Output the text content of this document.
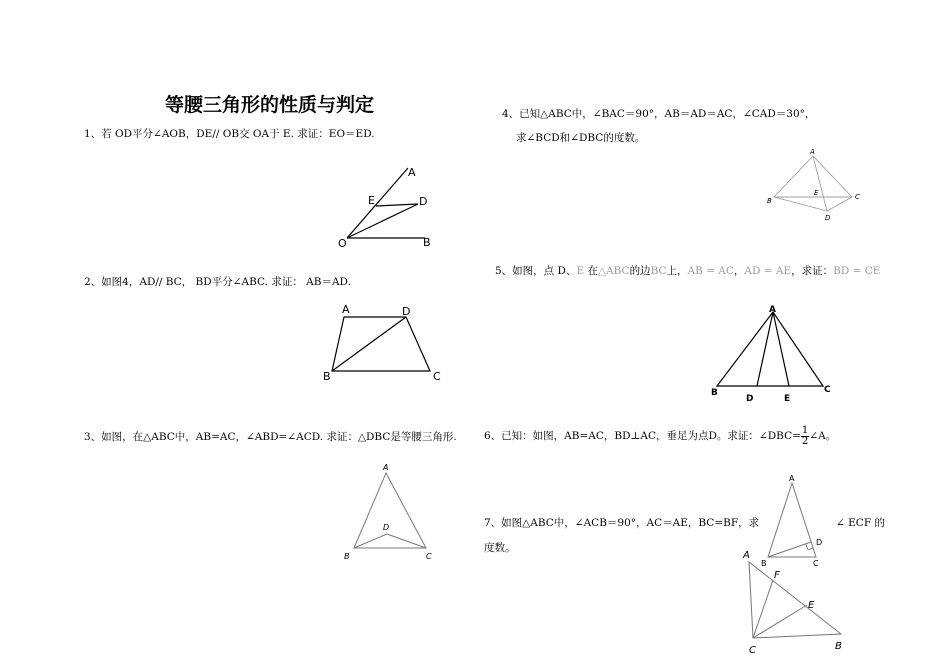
等腰三角形的性质与判定
1、若 OD平分∠AOB，DE// OB交 OA于 E. 求证：EO＝ED.
A
E	D
O	B
2、如图4，AD// BC， BD平分∠ABC. 求证： AB＝AD.
A	D
B	C
3、如图，在△ABC中，AB=AC，∠ABD=∠ACD. 求证：△DBC是等腰三角形.
A
D
B	C
4、已知△ABC中，∠BAC＝90°，AB＝AD＝AC，∠CAD＝30°，
求∠BCD和∠DBC的度数。
A
E
B	C
D
5、如图，点 D、E 在△ABC的边BC上，AB = AC，AD = AE，求证：BD = CE
A
B
D	E
C
6、已知：如图，AB=AC，BD⊥AC，垂足为点D。求证：∠DBC= $\frac{1}{2}$ ∠A。
A
D
B	C
7、如图△ABC中，∠ACB＝90°，AC＝AE，BC=BF，求	∠ ECF 的
度数。
A
F
E
C	B
